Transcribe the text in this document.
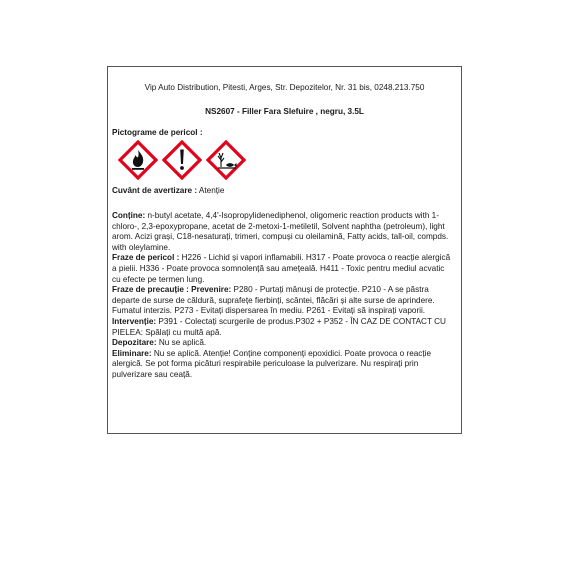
Vip Auto Distribution, Pitesti, Arges, Str. Depozitelor, Nr. 31 bis, 0248.213.750
NS2607 - Filler Fara Slefuire , negru, 3.5L
Pictograme de pericol :
Cuvânt de avertizare : Atenție

Conține: n-butyl acetate, 4,4'-Isopropylidenediphenol, oligomeric reaction products with 1-chloro-, 2,3-epoxypropane, acetat de 2-metoxi-1-metiletil, Solvent naphtha (petroleum), light arom. Acizi grași, C18-nesaturați, trimeri, compuși cu oleilamină, Fatty acids, tall-oil, compds. with oleylamine.

Fraze de pericol : H226 - Lichid și vapori inflamabili. H317 - Poate provoca o reacție alergică a pielii. H336 - Poate provoca somnolență sau amețeală. H411 - Toxic pentru mediul acvatic cu efecte pe termen lung.

Fraze de precauție : Prevenire: P280 - Purtați mânuși de protecție. P210 - A se păstra departe de surse de căldură, suprafețe fierbinți, scântei, flăcări și alte surse de aprindere. Fumatul interzis. P273 - Evitați dispersarea în mediu. P261 - Evitați să inspirați vaporii.

Intervenție: P391 - Colectați scurgerile de produs.P302 + P352 - ÎN CAZ DE CONTACT CU PIELEA: Spălați cu multă apă.

Depozitare: Nu se aplică.

Eliminare: Nu se aplică. Atenție! Conține componenți epoxidici. Poate provoca o reacție alergică. Se pot forma picături respirabile periculoase la pulverizare. Nu respirați prin pulverizare sau ceață.
